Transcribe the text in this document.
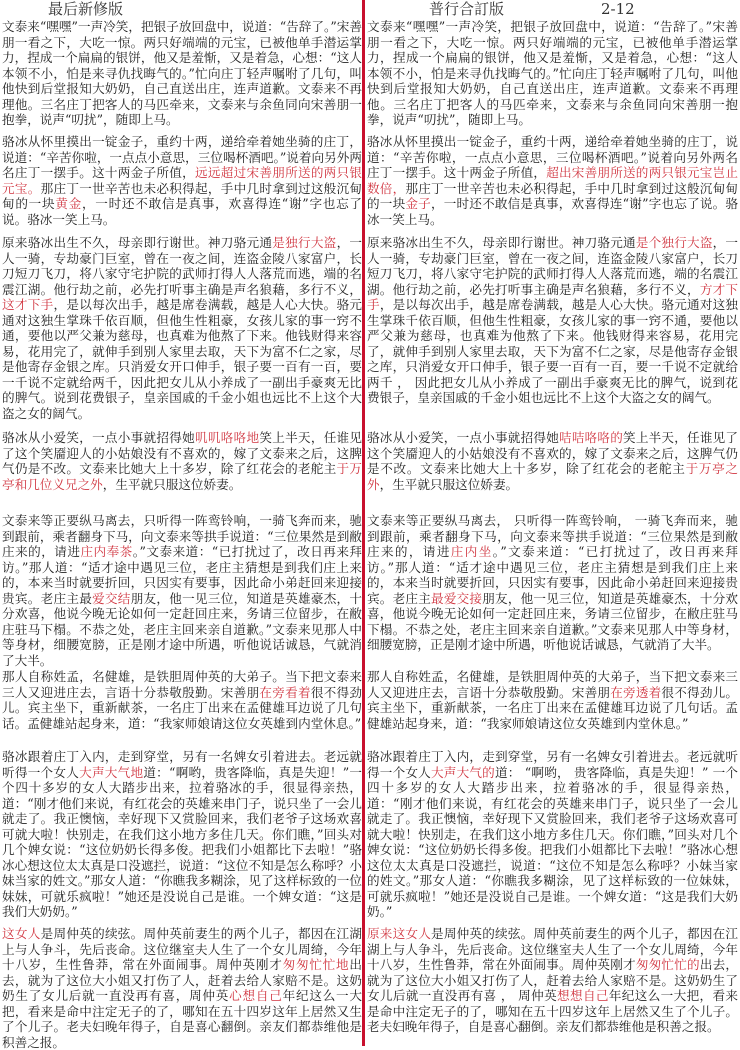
最后新修版

文泰来“嘿嘿”一声冷笑，把银子放回盘中，说道：“告辞了。”宋善朋一看之下，大吃一惊。两只好端端的元宝，已被他单手潜运掌力，捏成一个扁扁的银饼，他又是羞惭，又是着急，心想：“这人本领不小，怕是来寻仇找晦气的。”忙向庄丁轻声嘱咐了几句，叫他快到后堂报知大奶奶，自己直送出庄，连声道歉。文泰来不再理他。三名庄丁把客人的马匹牵来，文泰来与余鱼同向宋善朋一抱拳，说声“叨扰”，随即上马。

骆冰从怀里摸出一锭金子，重约十两，递给牵着她坐骑的庄丁，说道：“辛苦你啦，一点点小意思，三位喝杯酒吧。”说着向另外两名庄丁一摆手。这十两金子所值，远远超过宋善朋所送的两只银元宝。那庄丁一世辛苦也未必积得起，手中几时拿到过这般沉甸甸的一块黄金，一时还不敢信是真事，欢喜得连“谢”字也忘了说。骆冰一笑上马。

原来骆冰出生不久，母亲即行谢世。神刀骆元通是独行大盗，一人一骑，专劫豪门巨室，曾在一夜之间，连盗金陵八家富户，长刀短刀飞刀，将八家守宅护院的武师打得人人落荒而逃，端的名震江湖。他行劫之前，必先打听事主确是声名狼藉，多行不义，这才下手，是以每次出手，越是席卷满载，越是人心大快。骆元通对这独生掌珠千依百顺，但他生性粗豪，女孩儿家的事一窍不通，要他以严父兼为慈母，也真难为他熬了下来。他钱财得来容易，花用完了，就伸手到别人家里去取，天下为富不仁之家，尽是他寄存金银之库。只消爱女开口伸手，银子要一百有一百，要一千说不定就给两千，因此把女儿从小养成了一副出手豪爽无比的脾气。说到花费银子，皇亲国戚的千金小姐也远比不上这个大盗之女的阔气。

骆冰从小爱笑，一点小事就招得她叽叽咯咯地笑上半天，任谁见了这个笑靥迎人的小姑娘没有不喜欢的，嫁了文泰来之后，这脾气仍是不改。文泰来比她大上十多岁，除了红花会的老舵主于万亭和几位义兄之外，生平就只服这位娇妻。

文泰来等正要纵马离去，只听得一阵鸾铃响，一骑飞奔而来，驰到跟前，乘者翻身下马，向文泰来等拱手说道：“三位果然是到敝庄来的，请进庄内奉茶。”文泰来道：“已打扰过了，改日再来拜访。”那人道：“适才途中遇见三位，老庄主猜想是到我们庄上来的，本来当时就要折回，只因实有要事，因此命小弟赶回来迎接贵宾。老庄主最爱交结朋友，他一见三位，知道是英雄豪杰，十分欢喜，他说今晚无论如何一定赶回庄来，务请三位留步，在敝庄驻马下榻。不恭之处，老庄主回来亲自道歉。”文泰来见那人中等身材，细腰宽膀，正是刚才途中所遇，听他说话诚恳，气就消了大半。

那人自称姓孟，名健雄，是铁胆周仲英的大弟子。当下把文泰来三人又迎进庄去，言语十分恭敬殷勤。宋善朋在旁看着很不得劲儿。宾主坐下，重新献茶，一名庄丁出来在孟健雄耳边说了几句话。孟健雄站起身来，道：“我家师娘请这位女英雄到内堂休息。”

骆冰跟着庄丁入内，走到穿堂，另有一名婢女引着进去。老远就听得一个女人大声大气地道：“啊哟，贵客降临，真是失迎！”一个四十多岁的女人大踏步出来，拉着骆冰的手，很显得亲热，道：“刚才他们来说，有红花会的英雄来串门子，说只坐了一会儿就走了。我正懊恼，幸好现下又赏脸回来，我们老爷子这场欢喜可就大啦！快别走，在我们这小地方多住几天。你们瞧，”回头对几个婢女说：“这位奶奶长得多俊。把我们小姐都比下去啦！”骆冰心想这位太太真是口没遮拦，说道：“这位不知是怎么称呼？小妹当家的姓文。”那女人道：“你瞧我多糊涂，见了这样标致的一位妹妹，可就乐疯啦！”她还是没说自己是谁。一个婢女道：“这是我们大奶奶。”

这女人是周仲英的续弦。周仲英前妻生的两个儿子，都因在江湖上与人争斗，先后丧命。这位继室夫人生了一个女儿周绮，今年十八岁，生性鲁莽，常在外面闹事。周仲英刚才匆匆忙忙地出去，就为了这位大小姐又打伤了人，赶着去给人家赔不是。这奶奶生了女儿后就一直没再有喜，周仲英心想自己年纪这么一大把，看来是命中注定无子的了，哪知在五十四岁这年上居然又生了个儿子。老夫妇晚年得子，自是喜心翻倒。亲友们都恭维他是积善之报。

普行合訂版	2-12

文泰来“嘿嘿”一声冷笑，把银子放回盘中，说道：“告辞了。”宋善朋一看之下，大吃一惊。两只好端端的元宝，已被他单手潜运掌力，捏成一个扁扁的银饼，他又是羞惭，又是着急，心想：“这人本领不小，怕是来寻仇找晦气的。”忙向庄丁轻声嘱咐了几句，叫他快到后堂报知大奶奶，自己直送出庄，连声道歉。文泰来不再理他。三名庄丁把客人的马匹牵来，文泰来与余鱼同向宋善朋一抱拳，说声“叨扰”，随即上马。

骆冰从怀里摸出一锭金子，重约十两，递给牵着她坐骑的庄丁，说道：“辛苦你啦，一点点小意思，三位喝杯酒吧。”说着向另外两名庄丁一摆手。这十两金子所值，超出宋善朋所送的两只银元宝岂止数倍，那庄丁一世辛苦也未必积得起，手中几时拿到过这般沉甸甸的一块金子，一时还不敢信是真事，欢喜得连“谢”字也忘了说。骆冰一笑上马。

原来骆冰出生不久，母亲即行谢世。神刀骆元通是个独行大盗，一人一骑，专劫豪门巨室，曾在一夜之间，连盗金陵八家富户，长刀短刀飞刀，将八家守宅护院的武师打得人人落荒而逃，端的名震江湖。他行劫之前，必先打听事主确是声名狼藉，多行不义，方才下手，是以每次出手，越是席卷满载，越是人心大快。骆元通对这独生掌珠千依百顺，但他生性粗豪，女孩儿家的事一窍不通，要他以严父兼为慈母，也真难为他熬了下来。他钱财得来容易，花用完了，就伸手到别人家里去取，天下为富不仁之家，尽是他寄存金银之库，只消爱女开口伸手，银子要一百有一百，要一千说不定就给两千 ， 因此把女儿从小养成了一副出手豪爽无比的脾气，说到花费银子，皇亲国戚的千金小姐也远比不上这个大盗之女的阔气。

骆冰从小爱笑，一点小事就招得她咭咭咯咯的笑上半天，任谁见了这个笑靥迎人的小姑娘没有不喜欢的，嫁了文泰来之后，这脾气仍是不改。文泰来比她大上十多岁，除了红花会的老舵主于万亭之外，生平就只服这位娇妻。

文泰来等正要纵马离去， 只听得一阵鸾铃响， 一骑飞奔而来，驰到跟前，乘者翻身下马，向文泰来等拱手说道：“三位果然是到敝庄来的，请进庄内坐。”文泰来道：“已打扰过了，改日再来拜访。”那人道：“适才途中遇见三位，老庄主猜想是到我们庄上来的，本来当时就要折回，只因实有要事，因此命小弟赶回来迎接贵宾。老庄主最爱交接朋友，他一见三位，知道是英雄豪杰，十分欢喜，他说今晚无论如何一定赶回庄来，务请三位留步，在敝庄驻马下榻。不恭之处，老庄主回来亲自道歉。”文泰来见那人中等身材，细腰宽膀，正是刚才途中所遇，听他说话诚恳，气就消了大半。

那人自称姓孟，名健雄，是铁胆周仲英的大弟子，当下把文泰来三人又迎进庄去，言语十分恭敬殷勤。宋善朋在旁透着很不得劲儿。宾主坐下，重新献茶，一名庄丁出来在孟健雄耳边说了几句话。孟健雄站起身来，道：“我家师娘请这位女英雄到内堂休息。”

骆冰跟着庄丁入内，走到穿堂，另有一名婢女引着进去。老远就听得一个女人大声大气的道： “啊哟， 贵客降临，真是失迎！” 一个四十多岁的女人大踏步出来，拉着骆冰的手，很显得亲热，道：“刚才他们来说，有红花会的英雄来串门子，说只坐了一会儿就走了。我正懊恼，幸好现下又赏脸回来，我们老爷子这场欢喜可就大啦！快别走，在我们这小地方多住几天。你们瞧，”回头对几个婢女说：“这位奶奶长得多俊。把我们小姐都比下去啦！”骆冰心想这位太太真是口没遮拦，说道：“这位不知是怎么称呼？小妹当家的姓文。”那女人道：“你瞧我多糊涂，见了这样标致的一位妹妹，可就乐疯啦！”她还是没说自己是谁。一个婢女道：“这是我们大奶奶。”

原来这女人是周仲英的续弦。周仲英前妻生的两个儿子，都因在江湖上与人争斗，先后丧命。这位继室夫人生了一个女儿周绮，今年十八岁，生性鲁莽，常在外面闹事。周仲英刚才匆匆忙忙的出去，就为了这位大小姐又打伤了人，赶着去给人家赔不是。这奶奶生了女儿后就一直没再有喜 ， 周仲英想想自己年纪这么一大把，看来是命中注定无子的了，哪知在五十四岁这年上居然又生了个儿子。老夫妇晚年得子，自是喜心翻倒。亲友们都恭维他是积善之报。
